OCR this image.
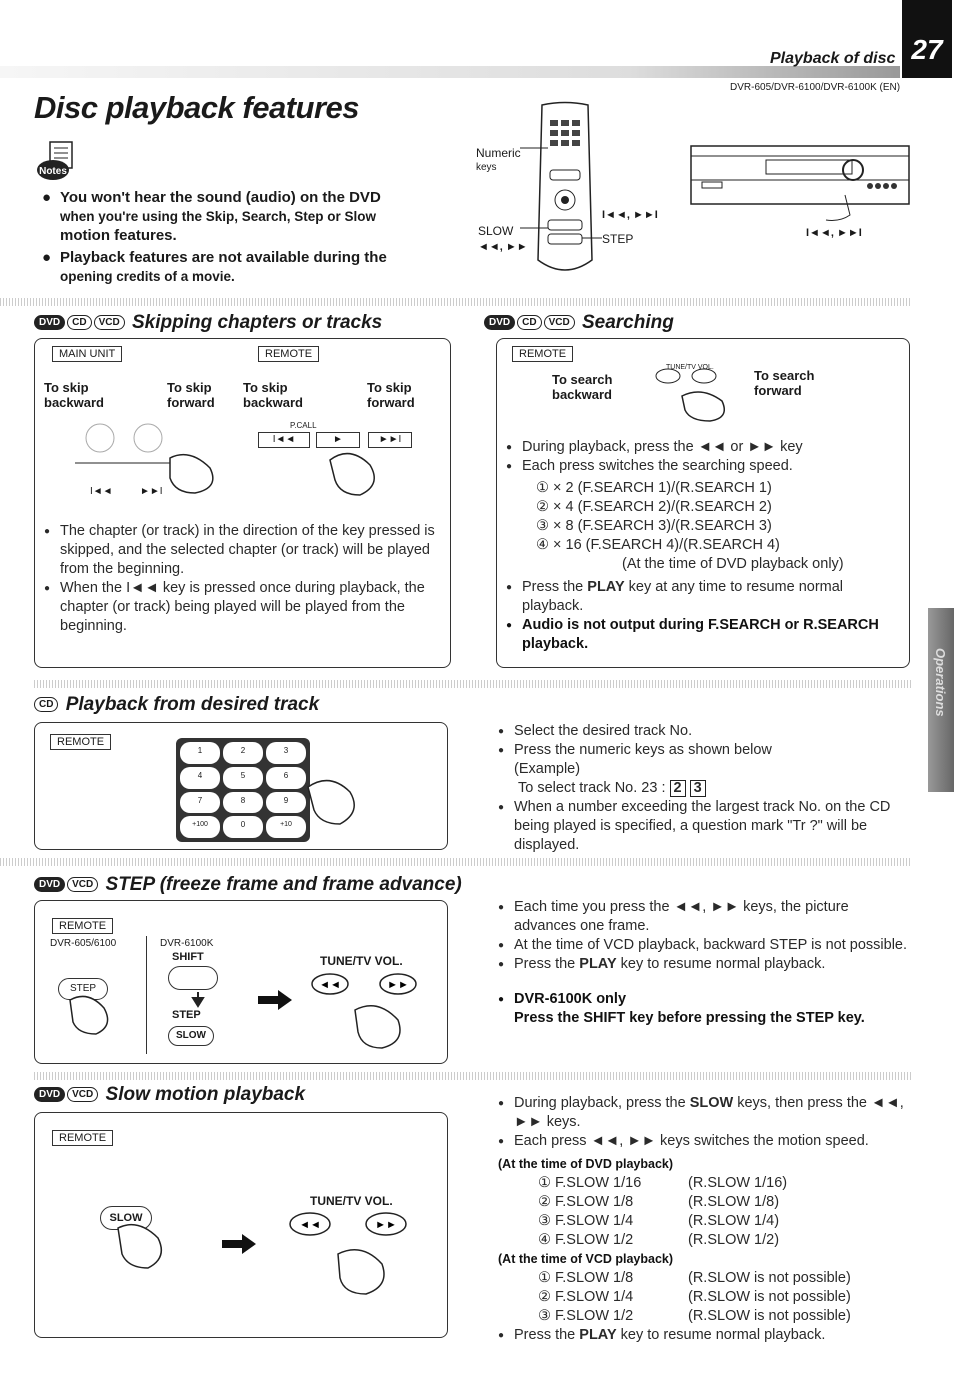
Playback of disc 27
DVR-605/DVR-6100/DVR-6100K (EN)
Disc playback features
Notes
● You won't hear the sound (audio) on the DVD
when you're using the Skip, Search, Step or Slow
motion features.
● Playback features are not available during the
opening credits of a movie.
Numeric
keys
SLOW
◄◄, ►►
STEP
I◄◄, ►►I
I◄◄, ►►I
DVD CD VCD Skipping chapters or tracks
MAIN UNIT	REMOTE
To skip
backward
To skip
forward
To skip
backward
To skip
forward
P.CALL
I◄◄	►	►►I
I◄◄	►►I
● The chapter (or track) in the direction of the key pressed is skipped, and the selected chapter (or track) will be played from the beginning.
● When the I◄◄ key is pressed once during playback, the chapter (or track) being played will be played from the beginning.
DVD CD VCD Searching
REMOTE
TUNE/TV VOL.
To search
backward
To search
forward
● During playback, press the ◄◄ or ►► key
● Each press switches the searching speed.
① × 2 (F.SEARCH 1)/(R.SEARCH 1)
② × 4 (F.SEARCH 2)/(R.SEARCH 2)
③ × 8 (F.SEARCH 3)/(R.SEARCH 3)
④ × 16 (F.SEARCH 4)/(R.SEARCH 4)
(At the time of DVD playback only)
● Press the PLAY key at any time to resume normal playback.
● Audio is not output during F.SEARCH or R.SEARCH playback.
CD Playback from desired track
REMOTE
1	2	3
4	5	6
7	8	9
+100	0	+10
● Select the desired track No.
● Press the numeric keys as shown below
(Example)
To select track No. 23 : 2 3
● When a number exceeding the largest track No. on the CD being played is specified, a question mark "Tr ?" will be displayed.
DVD VCD STEP (freeze frame and frame advance)
REMOTE
DVR-605/6100	DVR-6100K
SHIFT
STEP
SLOW
STEP
TUNE/TV VOL.
◄◄	►►
● Each time you press the ◄◄, ►► keys, the picture advances one frame.
● At the time of VCD playback, backward STEP is not possible.
● Press the PLAY key to resume normal playback.
● DVR-6100K only
Press the SHIFT key before pressing the STEP key.
DVD VCD Slow motion playback
REMOTE
SLOW
TUNE/TV VOL.
◄◄	►►
● During playback, press the SLOW keys, then press the ◄◄, ►► keys.
● Each press ◄◄, ►► keys switches the motion speed.
(At the time of DVD playback)
① F.SLOW 1/16	(R.SLOW 1/16)
② F.SLOW 1/8	(R.SLOW 1/8)
③ F.SLOW 1/4	(R.SLOW 1/4)
④ F.SLOW 1/2	(R.SLOW 1/2)
(At the time of VCD playback)
① F.SLOW 1/8	(R.SLOW is not possible)
② F.SLOW 1/4	(R.SLOW is not possible)
③ F.SLOW 1/2	(R.SLOW is not possible)
● Press the PLAY key to resume normal playback.
Operations
